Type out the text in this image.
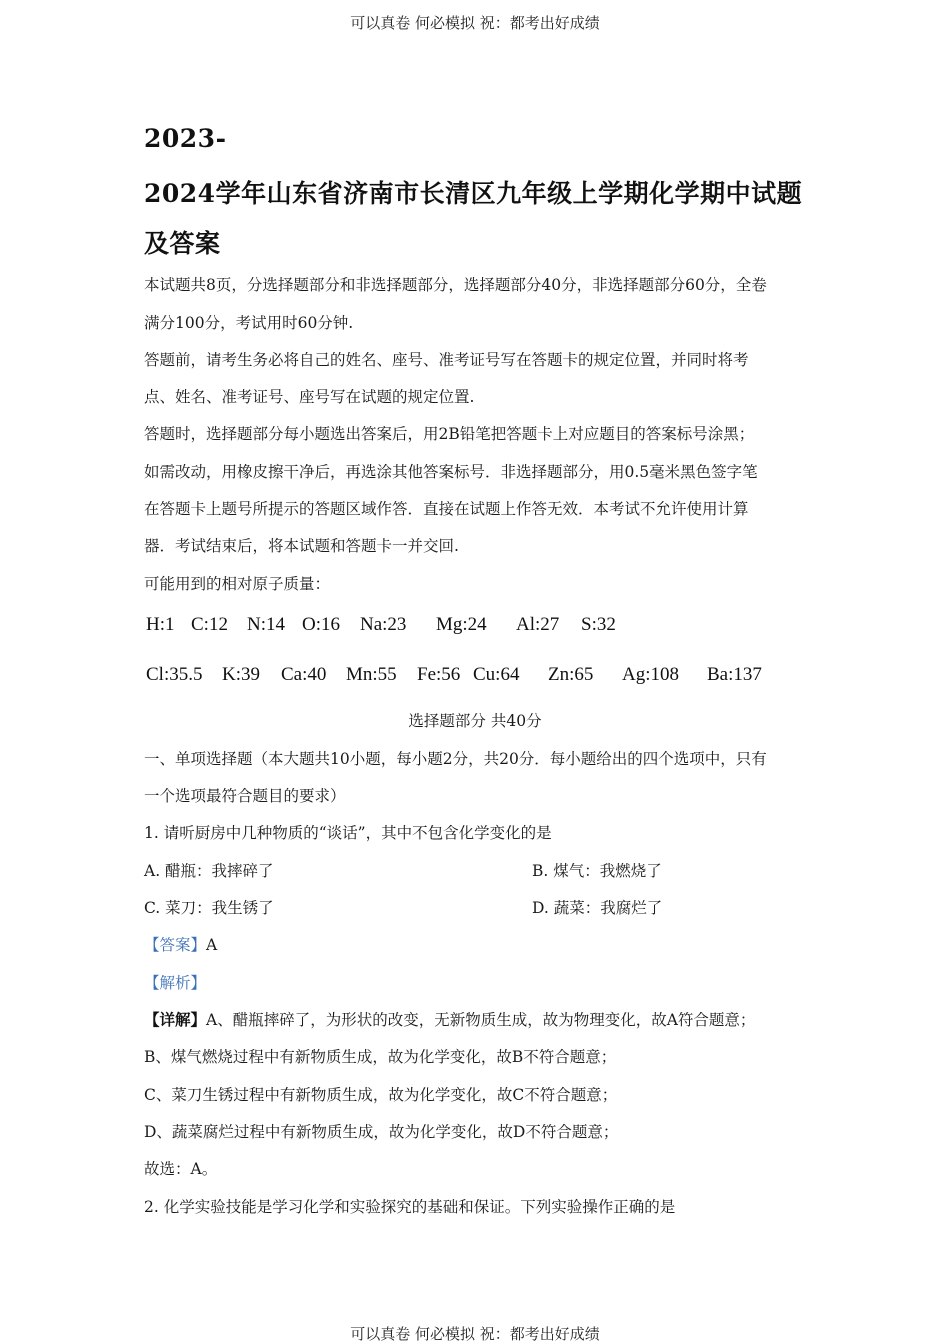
可以真卷 何必模拟 祝：都考出好成绩
2023-
2024学年山东省济南市长清区九年级上学期化学期中试题
及答案
本试题共8页，分选择题部分和非选择题部分，选择题部分40分，非选择题部分60分，全卷
满分100分，考试用时60分钟.
答题前，请考生务必将自己的姓名、座号、准考证号写在答题卡的规定位置，并同时将考
点、姓名、准考证号、座号写在试题的规定位置.
答题时，选择题部分每小题选出答案后，用2B铅笔把答题卡上对应题目的答案标号涂黑；
如需改动，用橡皮擦干净后，再选涂其他答案标号．非选择题部分，用0.5毫米黑色签字笔
在答题卡上题号所提示的答题区域作答．直接在试题上作答无效．本考试不允许使用计算
器．考试结束后，将本试题和答题卡一并交回.
可能用到的相对原子质量：
H:1 C:12 N:14 O:16 Na:23 Mg:24 Al:27 S:32
Cl:35.5 K:39 Ca:40 Mn:55 Fe:56 Cu:64 Zn:65 Ag:108 Ba:137
选择题部分 共40分
一、单项选择题（本大题共10小题，每小题2分，共20分．每小题给出的四个选项中，只有
一个选项最符合题目的要求）
1. 请听厨房中几种物质的“谈话”，其中不包含化学变化的是
A. 醋瓶：我摔碎了	B. 煤气：我燃烧了
C. 菜刀：我生锈了	D. 蔬菜：我腐烂了
【答案】A
【解析】
【详解】A、醋瓶摔碎了，为形状的改变，无新物质生成，故为物理变化，故A符合题意；
B、煤气燃烧过程中有新物质生成，故为化学变化，故B不符合题意；
C、菜刀生锈过程中有新物质生成，故为化学变化，故C不符合题意；
D、蔬菜腐烂过程中有新物质生成，故为化学变化，故D不符合题意；
故选：A。
2. 化学实验技能是学习化学和实验探究的基础和保证。下列实验操作正确的是
可以真卷 何必模拟 祝：都考出好成绩
